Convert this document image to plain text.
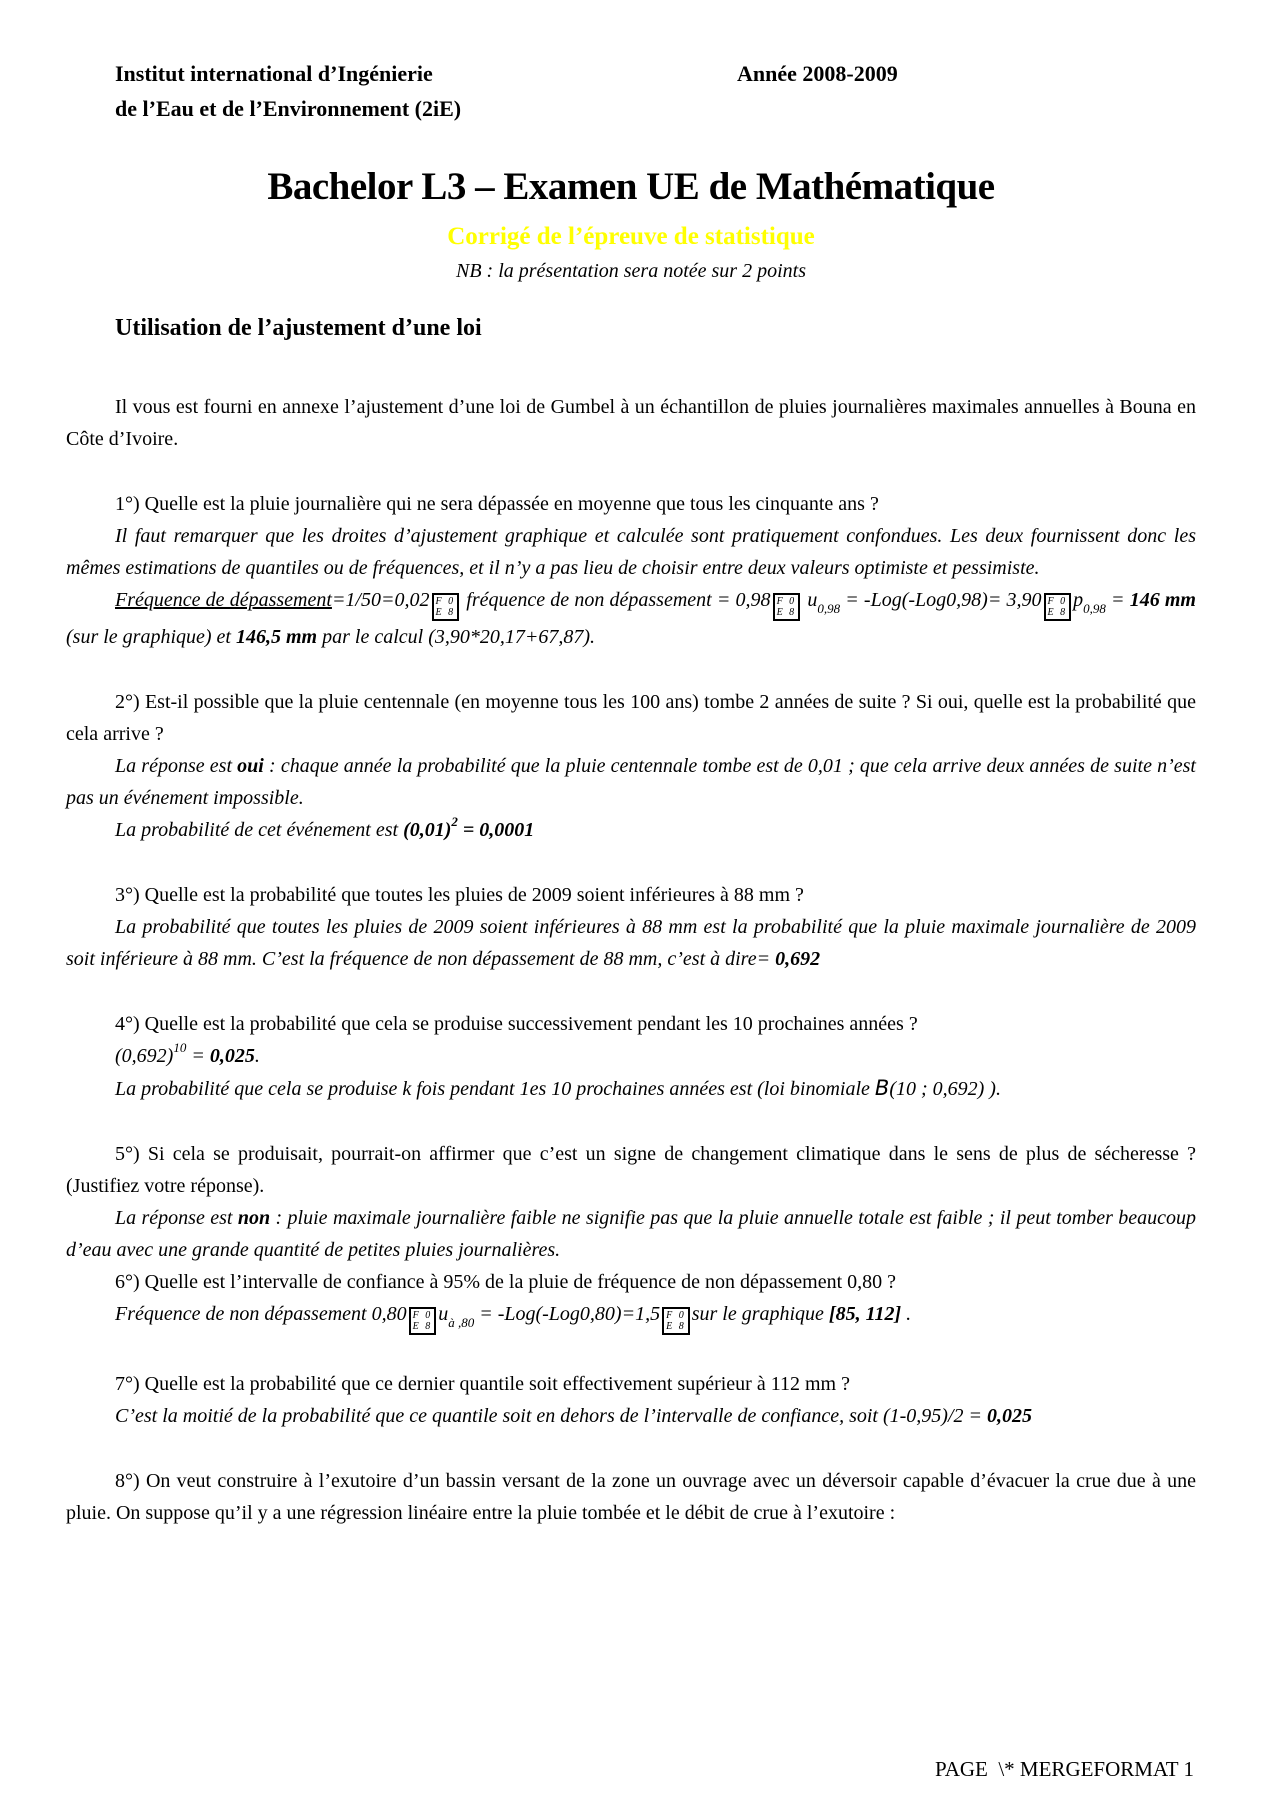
Institut international d’Ingénierie
de l’Eau et de l’Environnement (2iE)
Année 2008-2009
Bachelor L3 – Examen UE de Mathématique
Corrigé de l’épreuve de statistique

NB : la présentation sera notée sur 2 points

Utilisation de l’ajustement d’une loi

Il vous est fourni en annexe l’ajustement d’une loi de Gumbel à un échantillon de pluies journalières maximales annuelles à Bouna en Côte d’Ivoire.

1°) Quelle est la pluie journalière qui ne sera dépassée en moyenne que tous les cinquante ans ?

Il faut remarquer que les droites d’ajustement graphique et calculée sont pratiquement confondues. Les deux fournissent donc les mêmes estimations de quantiles ou de fréquences, et il n’y a pas lieu de choisir entre deux valeurs optimiste et pessimiste.

Fréquence de dépassement=1/50=0,02 F 0
E 8
fréquence de non dépassement = 0,98 F 0
E 8
$u_{0,98} = -Log(-Log0,98)= 3,90$ F 0
E 8
$p_{0,98} = 146$ mm (sur le graphique) et 146,5 mm par le calcul (3,90*20,17+67,87).

2°) Est-il possible que la pluie centennale (en moyenne tous les 100 ans) tombe 2 années de suite ? Si oui, quelle est la probabilité que cela arrive ?

La réponse est oui : chaque année la probabilité que la pluie centennale tombe est de 0,01 ; que cela arrive deux années de suite n’est pas un événement impossible.

La probabilité de cet événement est $(0,01)^2 = 0,0001$

3°) Quelle est la probabilité que toutes les pluies de 2009 soient inférieures à 88 mm ?

La probabilité que toutes les pluies de 2009 soient inférieures à 88 mm est la probabilité que la pluie maximale journalière de 2009 soit inférieure à 88 mm. C’est la fréquence de non dépassement de 88 mm, c’est à dire= 0,692

4°) Quelle est la probabilité que cela se produise successivement pendant les 10 prochaines années ?

$(0,692)^{10} = 0,025$.

La probabilité que cela se produise k fois pendant 1es 10 prochaines années est (loi binomiale B(10 ; 0,692) ).

5°) Si cela se produisait, pourrait-on affirmer que c’est un signe de changement climatique dans le sens de plus de sécheresse ? (Justifiez votre réponse).

La réponse est non : pluie maximale journalière faible ne signifie pas que la pluie annuelle totale est faible ; il peut tomber beaucoup d’eau avec une grande quantité de petites pluies journalières.

6°) Quelle est l’intervalle de confiance à 95% de la pluie de fréquence de non dépassement 0,80 ?

Fréquence de non dépassement 0,80 F 0
E 8
$u_{à ,80} = -Log(-Log0,80)=1,5$ F 0
E 8
sur le graphique [85, 112] .

7°) Quelle est la probabilité que ce dernier quantile soit effectivement supérieur à 112 mm ?

C’est la moitié de la probabilité que ce quantile soit en dehors de l’intervalle de confiance, soit (1-0,95)/2 = 0,025

8°) On veut construire à l’exutoire d’un bassin versant de la zone un ouvrage avec un déversoir capable d’évacuer la crue due à une pluie. On suppose qu’il y a une régression linéaire entre la pluie tombée et le débit de crue à l’exutoire :

PAGE  \* MERGEFORMAT 1
